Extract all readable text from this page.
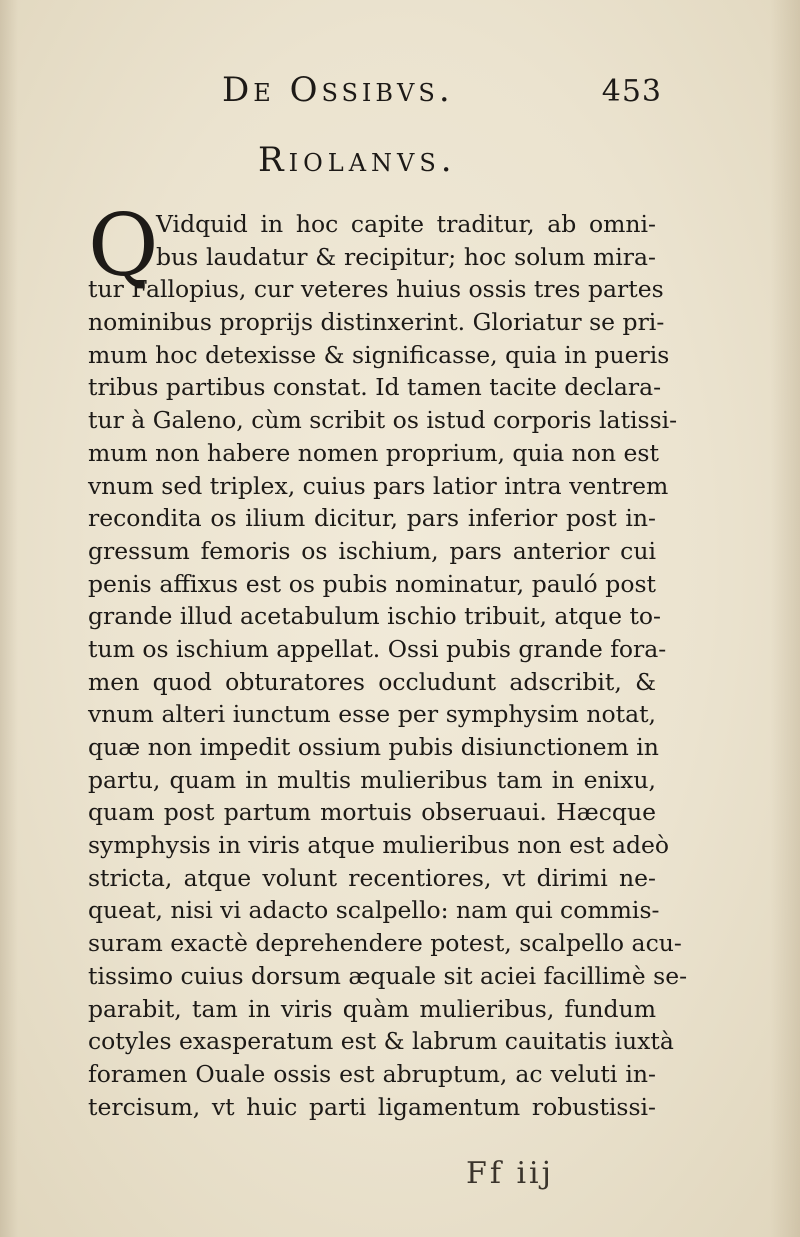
De Ossibvs.	453
Riolanvs.
Q
Vidquid in hoc capite traditur, ab omni-
bus laudatur & recipitur; hoc solum mira-
tur Fallopius, cur veteres huius ossis tres partes
nominibus proprijs distinxerint. Gloriatur se pri-
mum hoc detexisse & significasse, quia in pueris
tribus partibus constat. Id tamen tacite declara-
tur à Galeno, cùm scribit os istud corporis latissi-
mum non habere nomen proprium, quia non est
vnum sed triplex, cuius pars latior intra ventrem
recondita os ilium dicitur, pars inferior post in-
gressum femoris os ischium, pars anterior cui
penis affixus est os pubis nominatur, pauló post
grande illud acetabulum ischio tribuit, atque to-
tum os ischium appellat. Ossi pubis grande fora-
men quod obturatores occludunt adscribit, &
vnum alteri iunctum esse per symphysim notat,
quæ non impedit ossium pubis disiunctionem in
partu, quam in multis mulieribus tam in enixu,
quam post partum mortuis obseruaui. Hæcque
symphysis in viris atque mulieribus non est adeò
stricta, atque volunt recentiores, vt dirimi ne-
queat, nisi vi adacto scalpello: nam qui commis-
suram exactè deprehendere potest, scalpello acu-
tissimo cuius dorsum æquale sit aciei facillimè se-
parabit, tam in viris quàm mulieribus, fundum
cotyles exasperatum est & labrum cauitatis iuxtà
foramen Ouale ossis est abruptum, ac veluti in-
tercisum, vt huic parti ligamentum robustissi-
Ff iij
